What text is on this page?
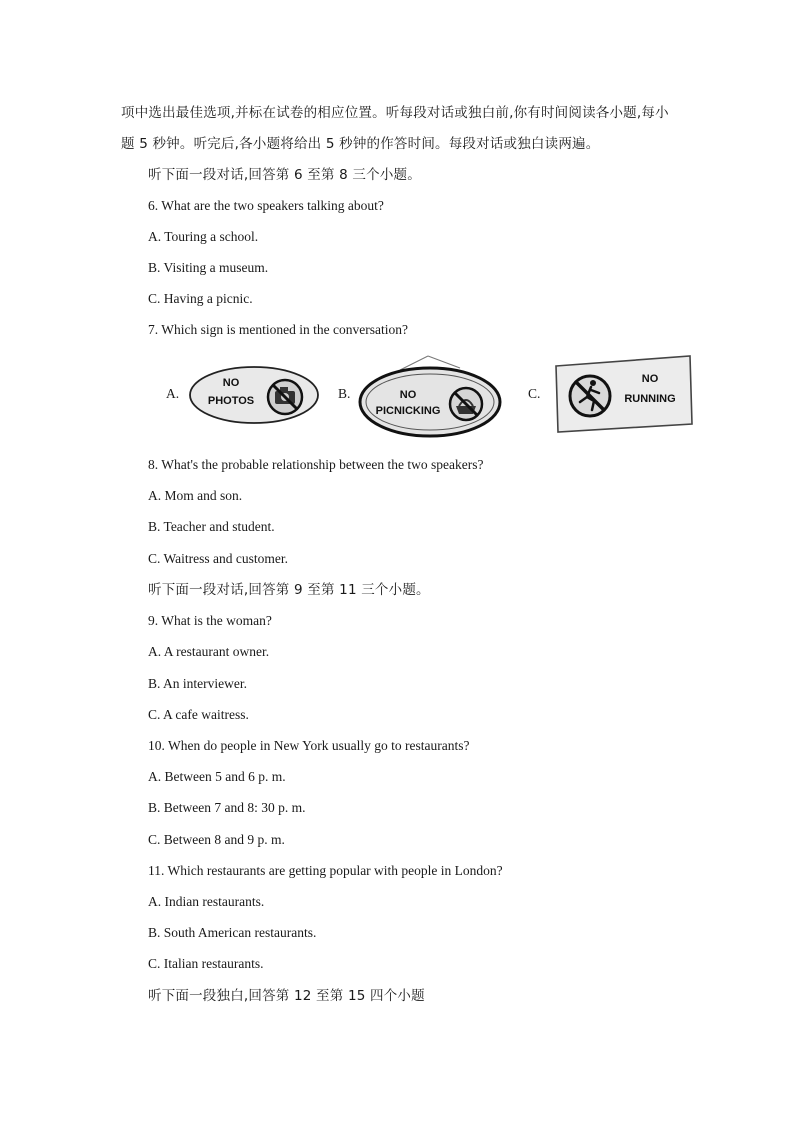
项中选出最佳选项,并标在试卷的相应位置。听每段对话或独白前,你有时间阅读各小题,每小
题 5 秒钟。听完后,各小题将给出 5 秒钟的作答时间。每段对话或独白读两遍。
听下面一段对话,回答第 6 至第 8 三个小题。
6. What are the two speakers talking about?
A. Touring a school.
B. Visiting a museum.
C. Having a picnic.
7. Which sign is mentioned in the conversation?
A.
NO
PHOTOS	B.	NO
PICNICKING
C.
NO
RUNNING
8. What's the probable relationship between the two speakers?
A. Mom and son.
B. Teacher and student.
C. Waitress and customer.
听下面一段对话,回答第 9 至第 11 三个小题。
9. What is the woman?
A. A restaurant owner.
B. An interviewer.
C. A cafe waitress.
10. When do people in New York usually go to restaurants?
A. Between 5 and 6 p. m.
B. Between 7 and 8: 30 p. m.
C. Between 8 and 9 p. m.
11. Which restaurants are getting popular with people in London?
A. Indian restaurants.
B. South American restaurants.
C. Italian restaurants.
听下面一段独白,回答第 12 至第 15 四个小题
